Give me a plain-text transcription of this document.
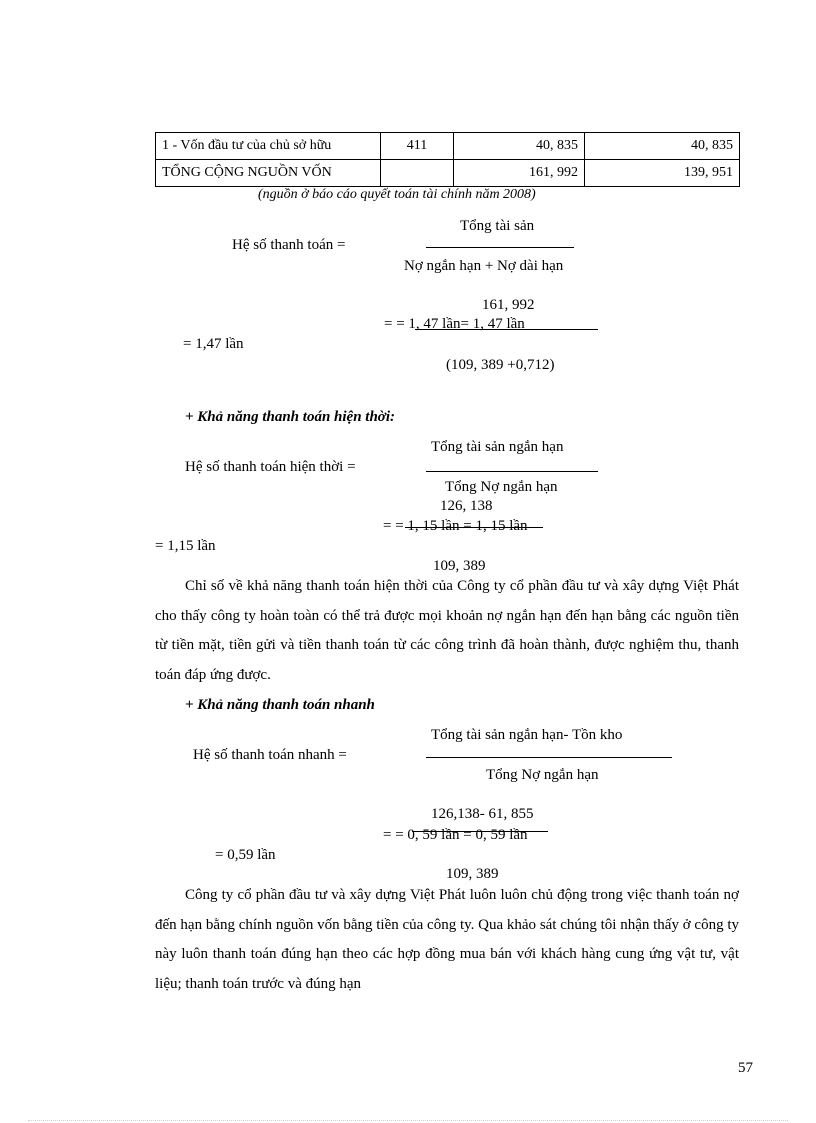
1 - Vốn đầu tư của chủ sở hữu	411	40, 835	40, 835
TỔNG CỘNG NGUỒN VỐN		161, 992	139, 951
(nguồn ở báo cáo quyết toán tài chính năm 2008)
Hệ số thanh toán =
Tổng tài sản
Nợ ngắn hạn + Nợ dài hạn
161, 992
= = 1, 47 lần= 1, 47 lần
= 1,47 lần
(109, 389 +0,712)
+ Khả năng thanh toán hiện thời:
Hệ số thanh toán hiện thời =
Tổng tài sản ngắn hạn
Tổng Nợ ngắn hạn
126, 138
= = 1, 15 lần = 1, 15 lần
= 1,15 lần
109, 389
Chỉ số về khả năng thanh toán hiện thời của Công ty cổ phần đầu tư và xây dựng Việt Phát cho thấy công ty hoàn toàn có thể trả được mọi khoản nợ ngắn hạn đến hạn bằng các nguồn tiền từ tiền mặt, tiền gửi và tiền thanh toán từ các công trình đã hoàn thành, được nghiệm thu, thanh toán đáp ứng được.
+ Khả năng thanh toán nhanh
Hệ số thanh toán nhanh =
Tổng tài sản ngắn hạn- Tồn kho
Tổng Nợ ngắn hạn
126,138- 61, 855
= = 0, 59 lần = 0, 59 lần
= 0,59 lần
109, 389
Công ty cổ phần đầu tư và xây dựng Việt Phát luôn luôn chủ động trong việc thanh toán nợ đến hạn bằng chính nguồn vốn bằng tiền của công ty. Qua khảo sát chúng tôi nhận thấy ở công ty này luôn thanh toán đúng hạn theo các hợp đồng mua bán với khách hàng cung ứng vật tư, vật liệu; thanh toán trước và đúng hạn
57
